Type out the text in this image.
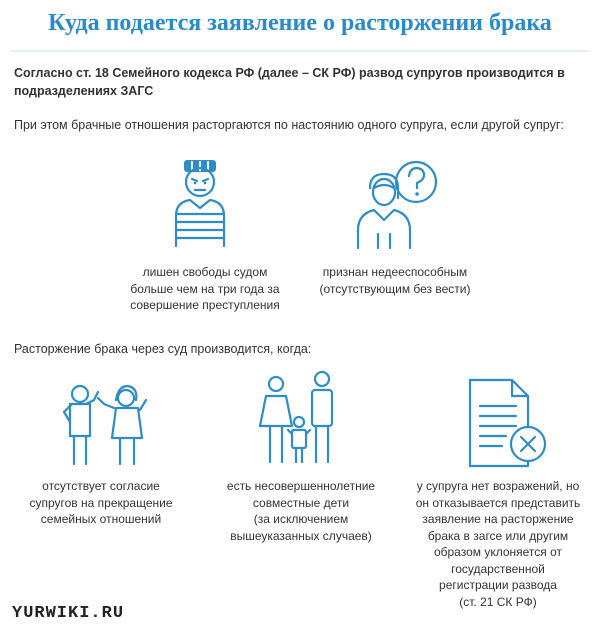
Куда подается заявление о расторжении брака
Согласно ст. 18 Семейного кодекса РФ (далее – СК РФ) развод супругов производится в подразделениях ЗАГС
При этом брачные отношения расторгаются по настоянию одного супруга, если другой супруг:
лишен свободы судом
больше чем на три года за
совершение преступления
признан недееспособным
(отсутствующим без вести)
Расторжение брака через суд производится, когда:
отсутствует согласие
супругов на прекращение
семейных отношений
есть несовершеннолетние
совместные дети
(за исключением
вышеуказанных случаев)
у супруга нет возражений, но
он отказывается представить
заявление на расторжение
брака в загсе или другим
образом уклоняется от
государственной
регистрации развода
(ст. 21 СК РФ)
YURWIKI.RU
